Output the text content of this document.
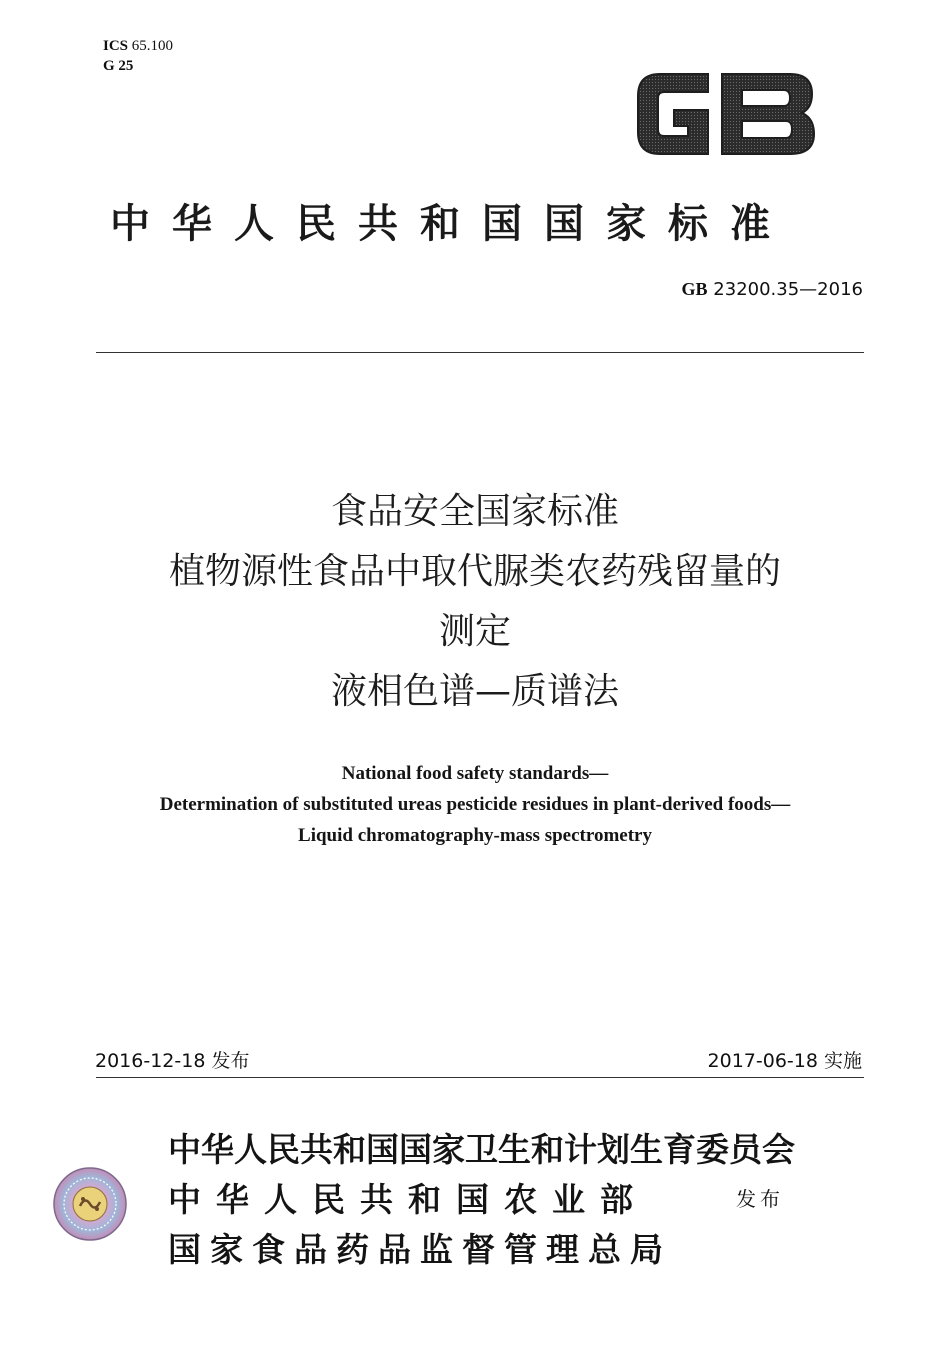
ICS 65.100
G 25
中华人民共和国国家标准
GB 23200.35—2016
食品安全国家标准
植物源性食品中取代脲类农药残留量的
测定
液相色谱—质谱法
National food safety standards—
Determination of substituted ureas pesticide residues in plant-derived foods—
Liquid chromatography-mass spectrometry
2016-12-18 发布	2017-06-18 实施
中华人民共和国国家卫生和计划生育委员会
中华人民共和国农业部
国家食品药品监督管理总局
发布
